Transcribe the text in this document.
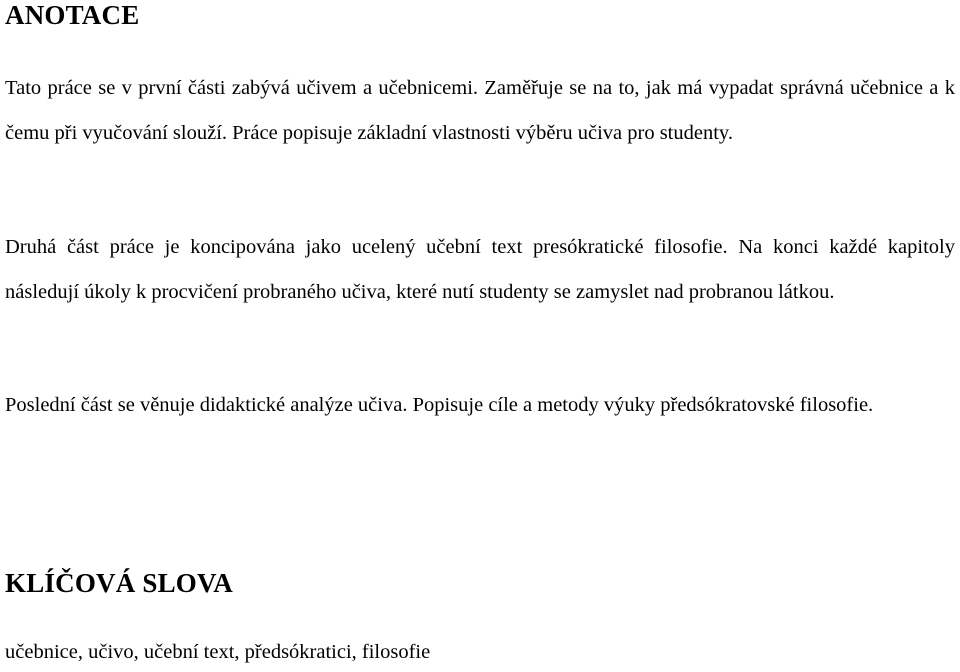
ANOTACE

Tato práce se v první části zabývá učivem a učebnicemi. Zaměřuje se na to, jak má vypadat správná učebnice a k čemu při vyučování slouží. Práce popisuje základní vlastnosti výběru učiva pro studenty.

Druhá část práce je koncipována jako ucelený učební text presókratické filosofie. Na konci každé kapitoly následují úkoly k procvičení probraného učiva, které nutí studenty se zamyslet nad probranou látkou.

Poslední část se věnuje didaktické analýze učiva. Popisuje cíle a metody výuky předsókratovské filosofie.

KLÍČOVÁ SLOVA

učebnice, učivo, učební text, předsókratici, filosofie
